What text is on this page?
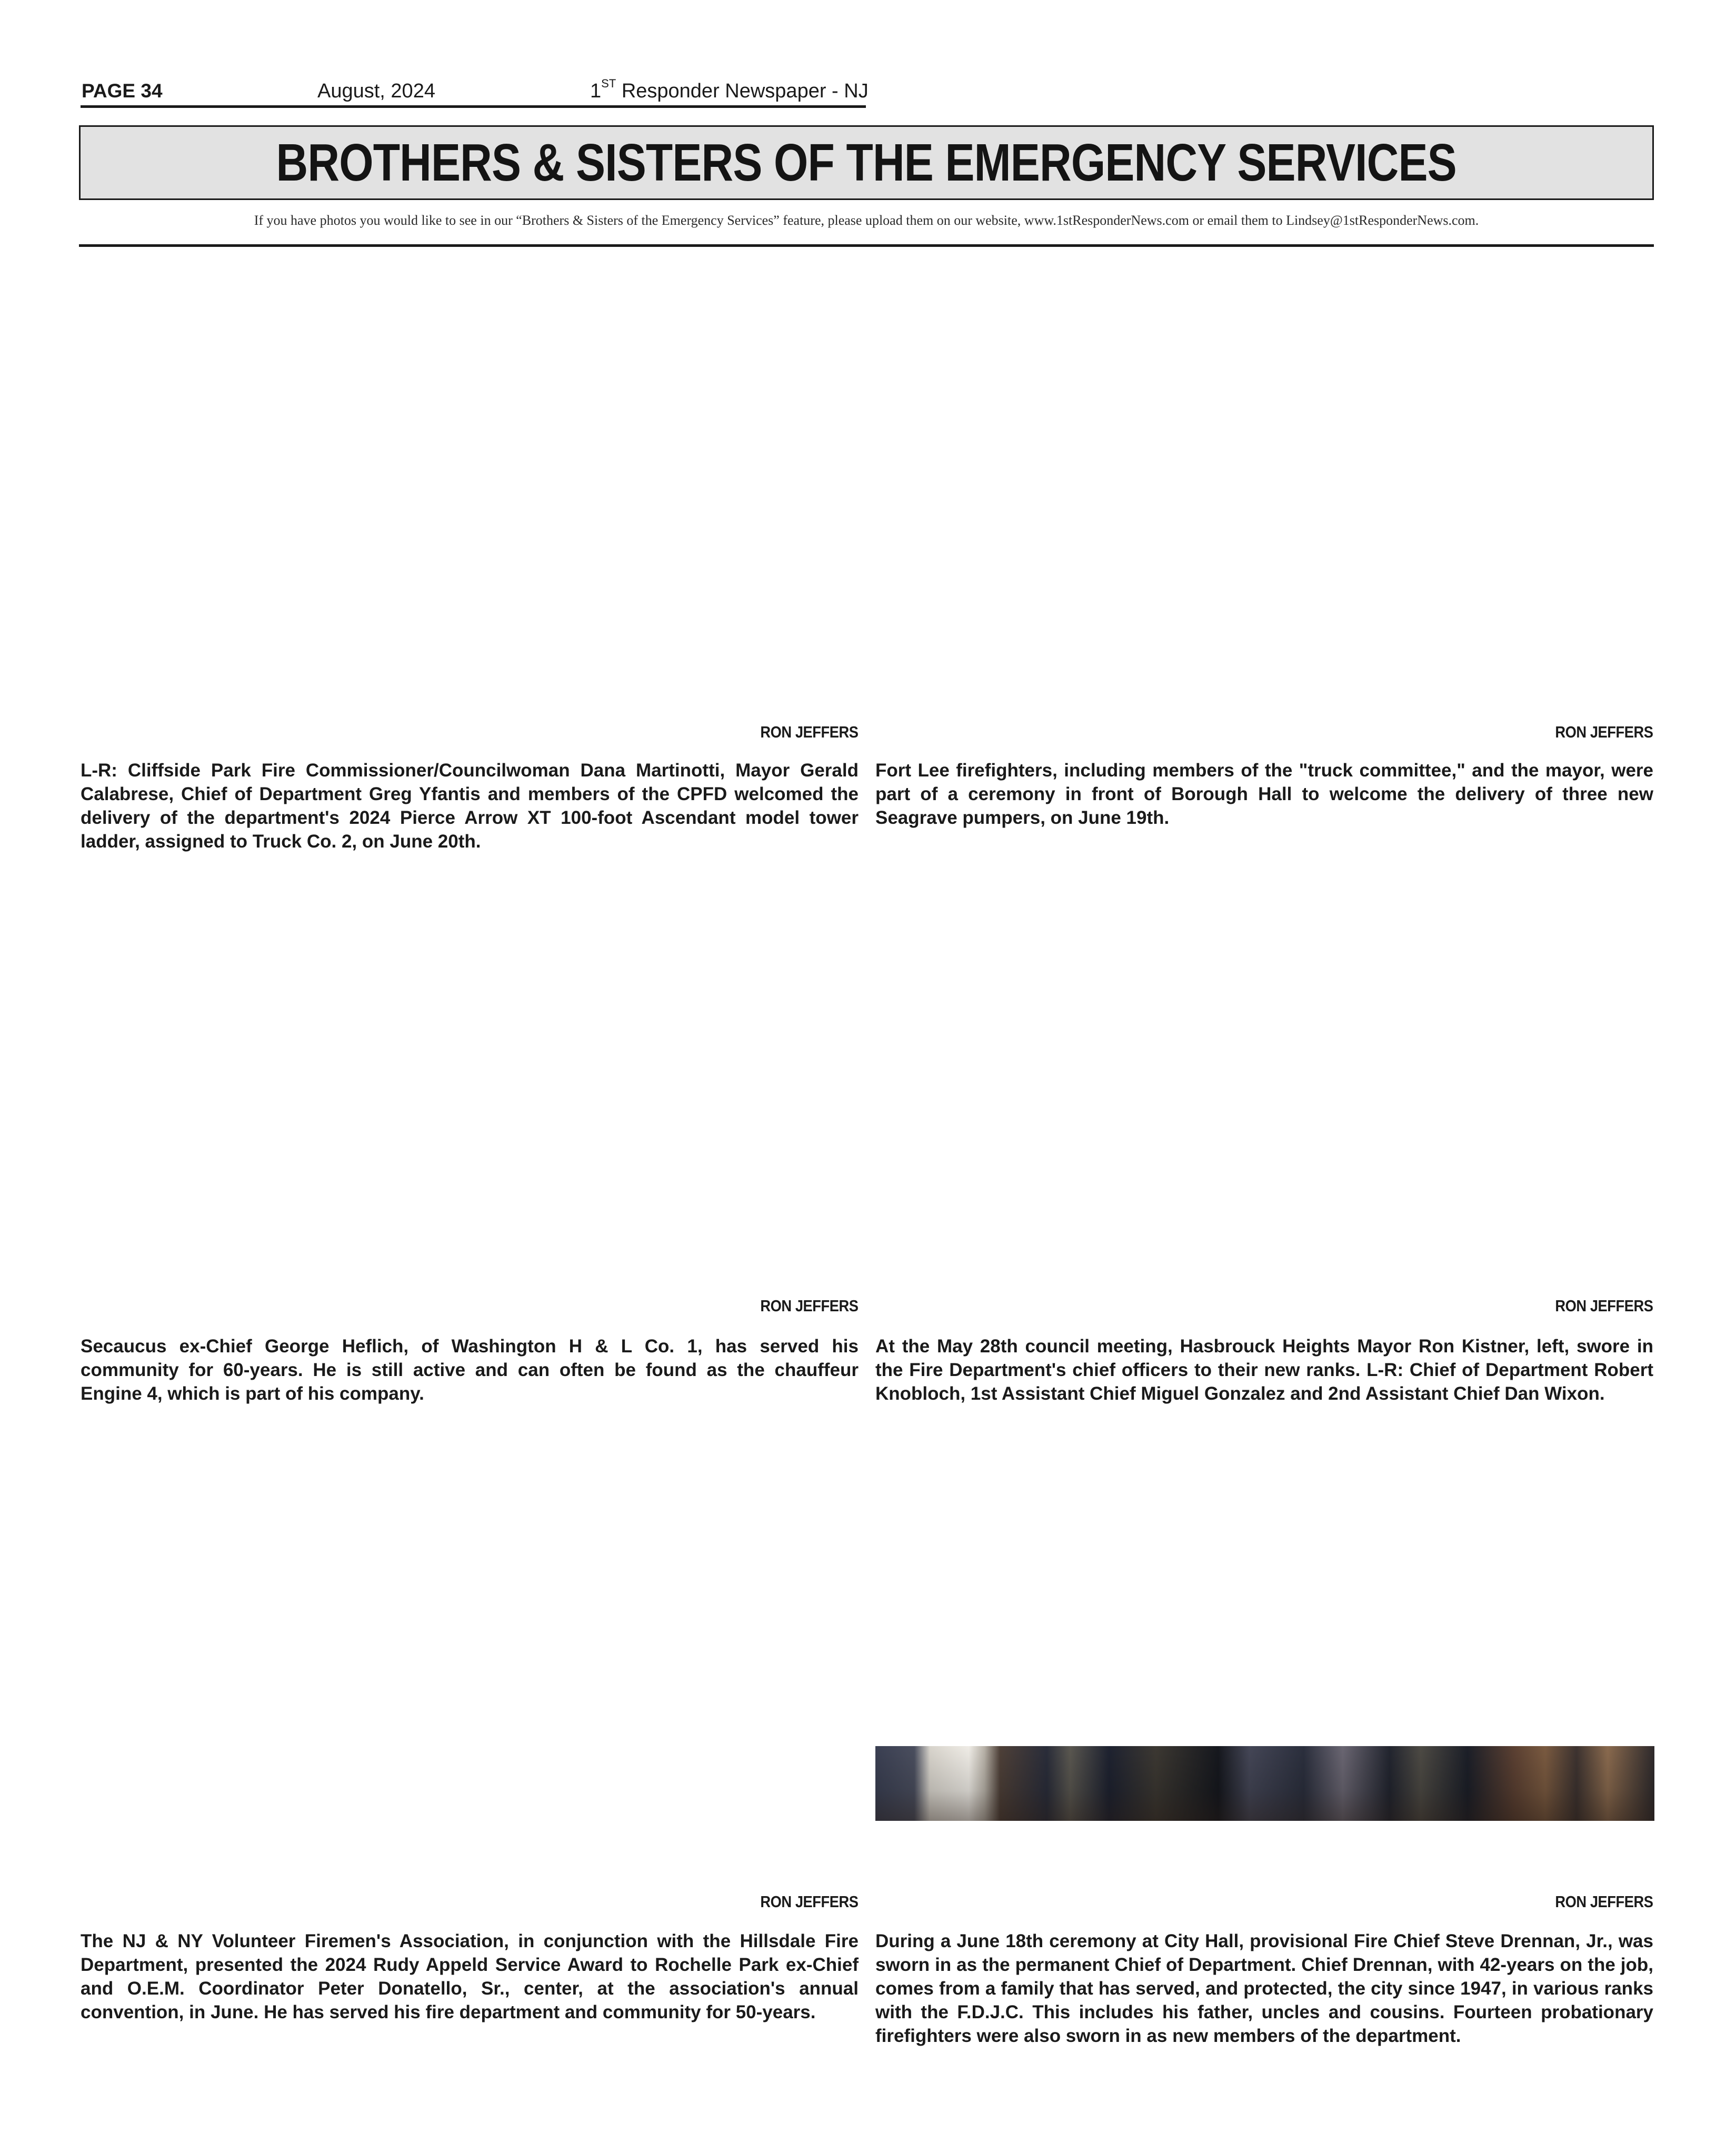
PAGE 34	August, 2024	1ST Responder Newspaper - NJ
BROTHERS & SISTERS OF THE EMERGENCY SERVICES
If you have photos you would like to see in our “Brothers & Sisters of the Emergency Services” feature, please upload them on our website, www.1stResponderNews.com or email them to Lindsey@1stResponderNews.com.
RON JEFFERS
L-R: Cliffside Park Fire Commissioner/Councilwoman Dana Martinotti, Mayor Gerald Calabrese, Chief of Department Greg Yfantis and members of the CPFD welcomed the delivery of the department's 2024 Pierce Arrow XT 100-foot Ascendant model tower ladder, assigned to Truck Co. 2, on June 20th.
RON JEFFERS
Fort Lee firefighters, including members of the "truck committee," and the mayor, were part of a ceremony in front of Borough Hall to welcome the delivery of three new Seagrave pumpers, on June 19th.
RON JEFFERS
Secaucus ex-Chief George Heflich, of Washington H & L Co. 1, has served his community for 60-years. He is still active and can often be found as the chauffeur Engine 4, which is part of his company.
RON JEFFERS
At the May 28th council meeting, Hasbrouck Heights Mayor Ron Kistner, left, swore in the Fire Department's chief officers to their new ranks. L-R: Chief of Department Robert Knobloch, 1st Assistant Chief Miguel Gonzalez and 2nd Assistant Chief Dan Wixon.
RON JEFFERS
The NJ & NY Volunteer Firemen's Association, in conjunction with the Hillsdale Fire Department, presented the 2024 Rudy Appeld Service Award to Rochelle Park ex-Chief and O.E.M. Coordinator Peter Donatello, Sr., center, at the association's annual convention, in June. He has served his fire department and community for 50-years.
RON JEFFERS
During a June 18th ceremony at City Hall, provisional Fire Chief Steve Drennan, Jr., was sworn in as the permanent Chief of Department. Chief Drennan, with 42-years on the job, comes from a family that has served, and protected, the city since 1947, in various ranks with the F.D.J.C. This includes his father, uncles and cousins. Fourteen probationary firefighters were also sworn in as new members of the department.
